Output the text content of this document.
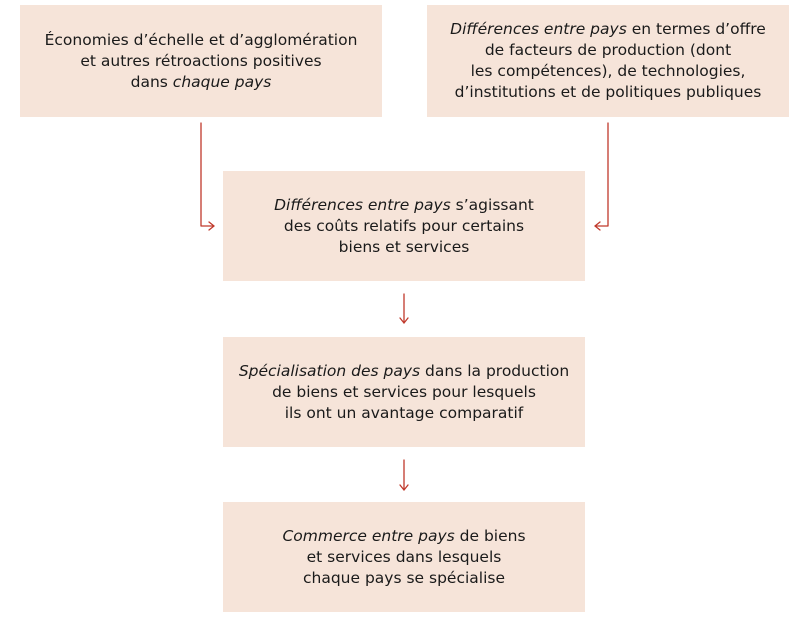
Économies d’échelle et d’agglomération
et autres rétroactions positives
dans chaque pays

Différences entre pays en termes d’offre
de facteurs de production (dont
les compétences), de technologies,
d’institutions et de politiques publiques

Différences entre pays s’agissant
des coûts relatifs pour certains
biens et services

Spécialisation des pays dans la production
de biens et services pour lesquels
ils ont un avantage comparatif

Commerce entre pays de biens
et services dans lesquels
chaque pays se spécialise
